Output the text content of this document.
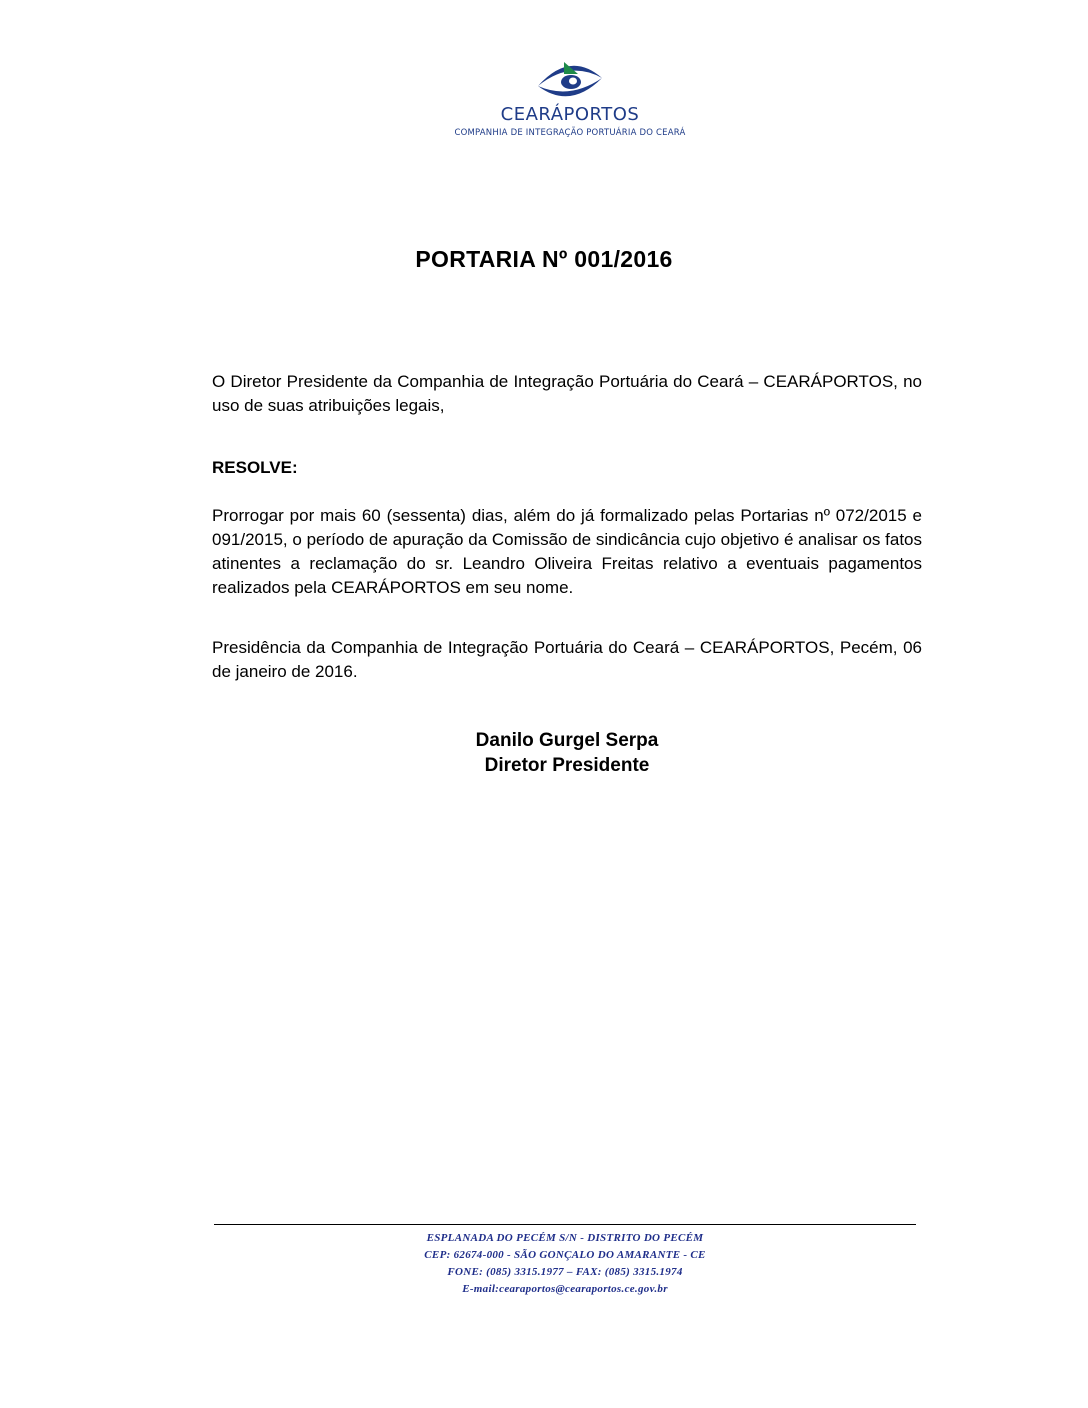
CEARÁPORTOS
COMPANHIA DE INTEGRAÇÃO PORTUÁRIA DO CEARÁ
PORTARIA Nº 001/2016
O Diretor Presidente da Companhia de Integração Portuária do Ceará – CEARÁPORTOS, no uso de suas atribuições legais,
RESOLVE:
Prorrogar por mais 60 (sessenta) dias, além do já formalizado pelas Portarias nº 072/2015 e 091/2015, o período de apuração da Comissão de sindicância cujo objetivo é analisar os fatos atinentes a reclamação do sr. Leandro Oliveira Freitas relativo a eventuais pagamentos realizados pela CEARÁPORTOS em seu nome.
Presidência da Companhia de Integração Portuária do Ceará – CEARÁPORTOS, Pecém, 06 de janeiro de 2016.
Danilo Gurgel Serpa
Diretor Presidente
ESPLANADA DO PECÉM S/N - DISTRITO DO PECÉM
CEP: 62674-000 - SÃO GONÇALO DO AMARANTE - CE
FONE: (085) 3315.1977 – FAX: (085) 3315.1974
E-mail:cearaportos@cearaportos.ce.gov.br
